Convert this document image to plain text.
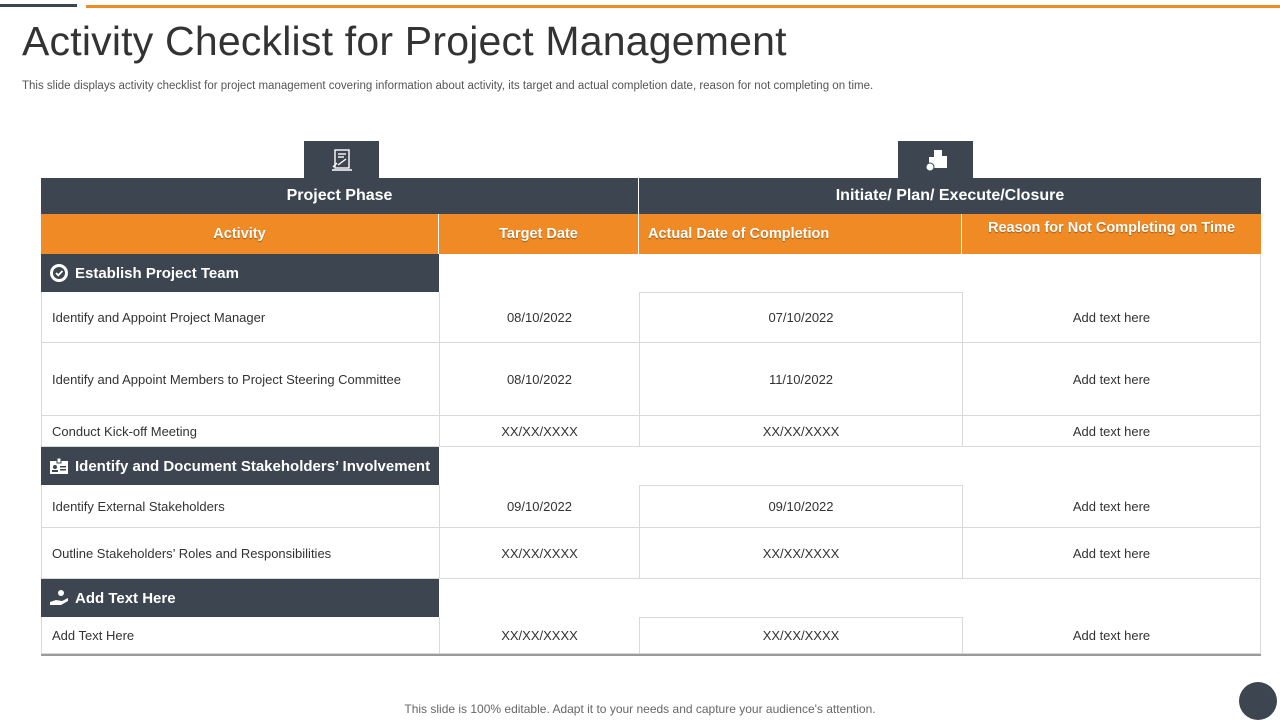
Activity Checklist for Project Management
This slide displays activity checklist for project management covering information about activity, its target and actual completion date, reason for not completing on time.
Project Phase	Initiate/ Plan/ Execute/Closure
Activity	Target Date	Actual Date of Completion	Reason for Not Completing on Time
Establish Project Team
Identify and Appoint Project Manager	08/10/2022	07/10/2022	Add text here
Identify and Appoint Members to Project Steering Committee	08/10/2022	11/10/2022	Add text here
Conduct Kick-off Meeting	XX/XX/XXXX	XX/XX/XXXX	Add text here
Identify and Document Stakeholders’ Involvement
Identify External Stakeholders	09/10/2022	09/10/2022	Add text here
Outline Stakeholders’ Roles and Responsibilities	XX/XX/XXXX	XX/XX/XXXX	Add text here
Add Text Here
Add Text Here	XX/XX/XXXX	XX/XX/XXXX	Add text here
This slide is 100% editable. Adapt it to your needs and capture your audience's attention.
